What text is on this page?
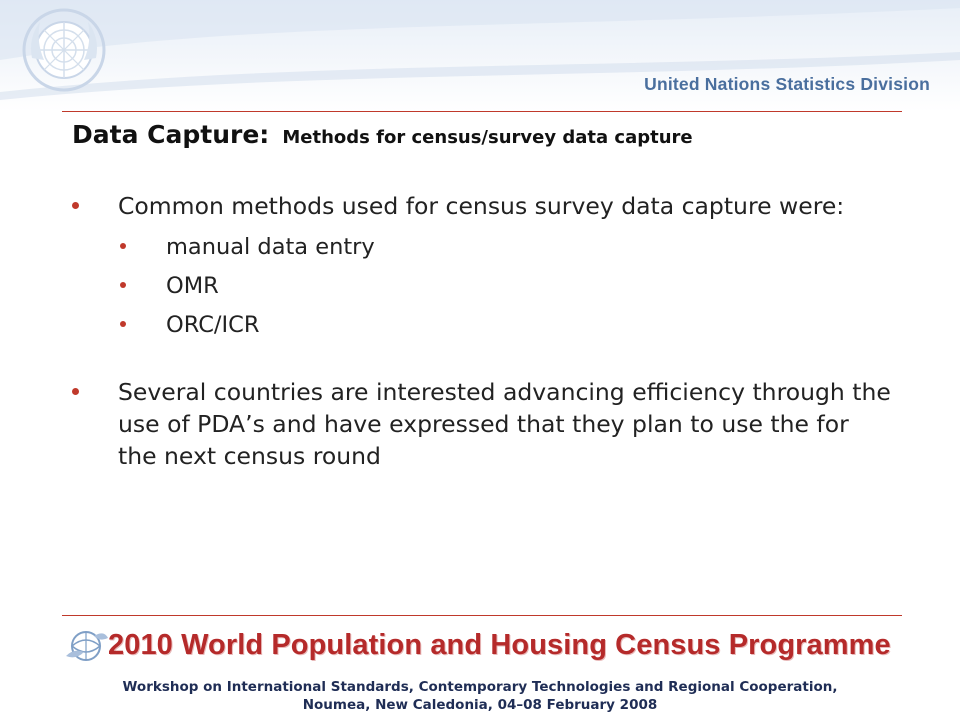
United Nations Statistics Division
Data Capture: Methods for census/survey data capture
Common methods used for census survey data capture were:
manual data entry
OMR
ORC/ICR
Several countries are interested advancing efficiency through the use of PDA’s and have expressed that they plan to use the for the next census round
2010 World Population and Housing Census Programme
Workshop on International Standards, Contemporary Technologies and Regional Cooperation,
Noumea, New Caledonia, 04–08 February 2008
